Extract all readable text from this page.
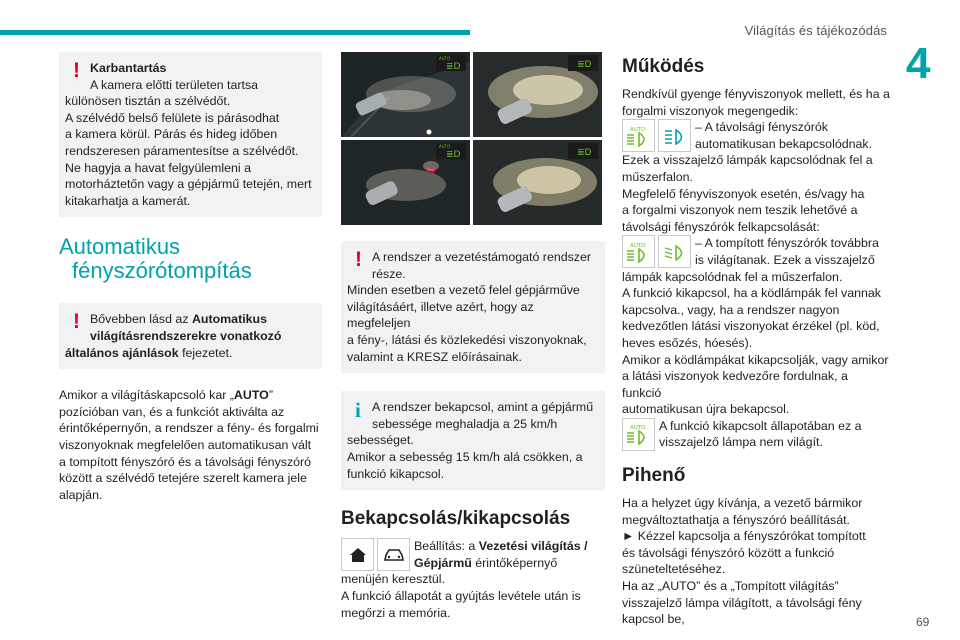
Világítás és tájékozódás
4
69
! Karbantartás

A kamera előtti területen tartsa

különösen tisztán a szélvédőt.

A szélvédő belső felülete is párásodhat

a kamera körül. Párás és hideg időben

rendszeresen páramentesítse a szélvédőt.

Ne hagyja a havat felgyülemleni a

motorháztetőn vagy a gépjármű tetején, mert

kitakarhatja a kamerát.

Automatikus
fényszórótompítás
! Bővebben lásd az Automatikus

világításrendszerekre vonatkozó

általános ajánlások fejezetet.

Amikor a világításkapcsoló kar „AUTO”

pozícióban van, és a funkciót aktiválta az

érintőképernyőn, a rendszer a fény- és forgalmi

viszonyoknak megfelelően automatikusan vált

a tompított fényszóró és a távolsági fényszóró

között a szélvédő tetejére szerelt kamera jele

alapján.

AUTO
≣D	≣D
AUTO
≣D	≣D
! A rendszer a vezetéstámogató rendszer

része.

Minden esetben a vezető felel gépjárműve

világításáért, illetve azért, hogy az megfeleljen

a fény-, látási és közlekedési viszonyoknak,

valamint a KRESZ előírásainak.

i A rendszer bekapcsol, amint a gépjármű

sebessége meghaladja a 25 km/h

sebességet.

Amikor a sebesség 15 km/h alá csökken, a

funkció kikapcsol.

Bekapcsolás/kikapcsolás

Beállítás: a Vezetési világítás /

Gépjármű érintőképernyő

menüjén keresztül.

A funkció állapotát a gyújtás levétele után is

megőrzi a memória.

Működés

Rendkívül gyenge fényviszonyok mellett, és ha a

forgalmi viszonyok megengedik:

AUTO	– A távolsági fényszórók

automatikusan bekapcsolódnak.

Ezek a visszajelző lámpák kapcsolódnak fel a

műszerfalon.

Megfelelő fényviszonyok esetén, és/vagy ha

a forgalmi viszonyok nem teszik lehetővé a

távolsági fényszórók felkapcsolását:

AUTO	– A tompított fényszórók továbbra

is világítanak. Ezek a visszajelző

lámpák kapcsolódnak fel a műszerfalon.

A funkció kikapcsol, ha a ködlámpák fel vannak

kapcsolva., vagy, ha a rendszer nagyon

kedvezőtlen látási viszonyokat érzékel (pl. köd,

heves esőzés, hóesés).

Amikor a ködlámpákat kikapcsolják, vagy amikor

a látási viszonyok kedvezőre fordulnak, a funkció

automatikusan újra bekapcsol.

AUTO A funkció kikapcsolt állapotában ez a

visszajelző lámpa nem világít.

Pihenő

Ha a helyzet úgy kívánja, a vezető bármikor

megváltoztathatja a fényszóró beállítását.

► Kézzel kapcsolja a fényszórókat tompított

és távolsági fényszóró között a funkció

szüneteltetéséhez.

Ha az „AUTO” és a „Tompított világítás”

visszajelző lámpa világított, a távolsági fény

kapcsol be,
